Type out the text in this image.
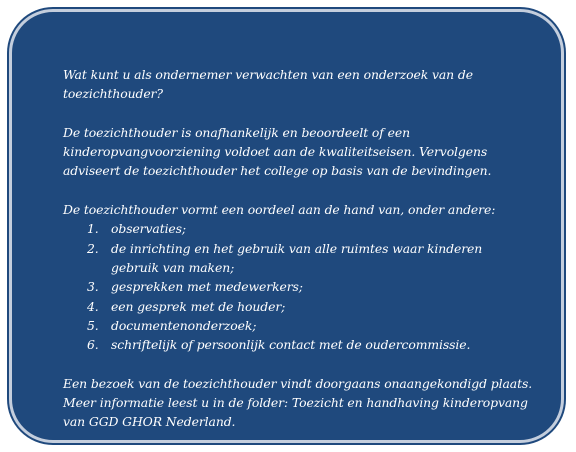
Wat kunt u als ondernemer verwachten van een onderzoek van de toezichthouder?

De toezichthouder is onafhankelijk en beoordeelt of een kinderopvangvoorziening voldoet aan de kwaliteitseisen. Vervolgens adviseert de toezichthouder het college op basis van de bevindingen.

De toezichthouder vormt een oordeel aan de hand van, onder andere:

1. observaties;
2. de inrichting en het gebruik van alle ruimtes waar kinderen gebruik van maken;
3. gesprekken met medewerkers;
4. een gesprek met de houder;
5. documentenonderzoek;
6. schriftelijk of persoonlijk contact met de oudercommissie.

Een bezoek van de toezichthouder vindt doorgaans onaangekondigd plaats. Meer informatie leest u in de folder: Toezicht en handhaving kinderopvang van GGD GHOR Nederland.
